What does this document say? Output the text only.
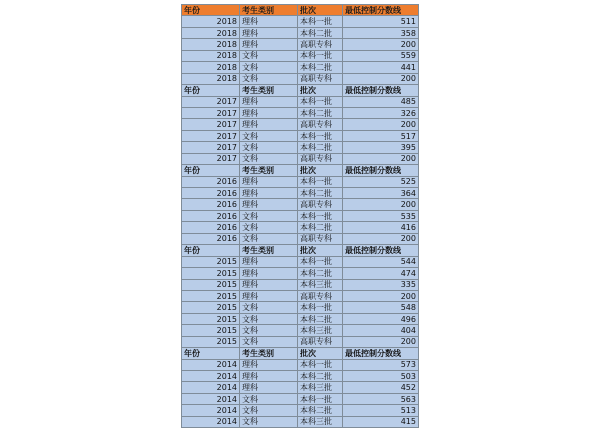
年份	考生类别	批次	最低控制分数线
2018	理科	本科一批	511
2018	理科	本科二批	358
2018	理科	高职专科	200
2018	文科	本科一批	559
2018	文科	本科二批	441
2018	文科	高职专科	200
年份	考生类别	批次	最低控制分数线
2017	理科	本科一批	485
2017	理科	本科二批	326
2017	理科	高职专科	200
2017	文科	本科一批	517
2017	文科	本科二批	395
2017	文科	高职专科	200
年份	考生类别	批次	最低控制分数线
2016	理科	本科一批	525
2016	理科	本科二批	364
2016	理科	高职专科	200
2016	文科	本科一批	535
2016	文科	本科二批	416
2016	文科	高职专科	200
年份	考生类别	批次	最低控制分数线
2015	理科	本科一批	544
2015	理科	本科二批	474
2015	理科	本科三批	335
2015	理科	高职专科	200
2015	文科	本科一批	548
2015	文科	本科二批	496
2015	文科	本科三批	404
2015	文科	高职专科	200
年份	考生类别	批次	最低控制分数线
2014	理科	本科一批	573
2014	理科	本科二批	503
2014	理科	本科三批	452
2014	文科	本科一批	563
2014	文科	本科二批	513
2014	文科	本科三批	415
